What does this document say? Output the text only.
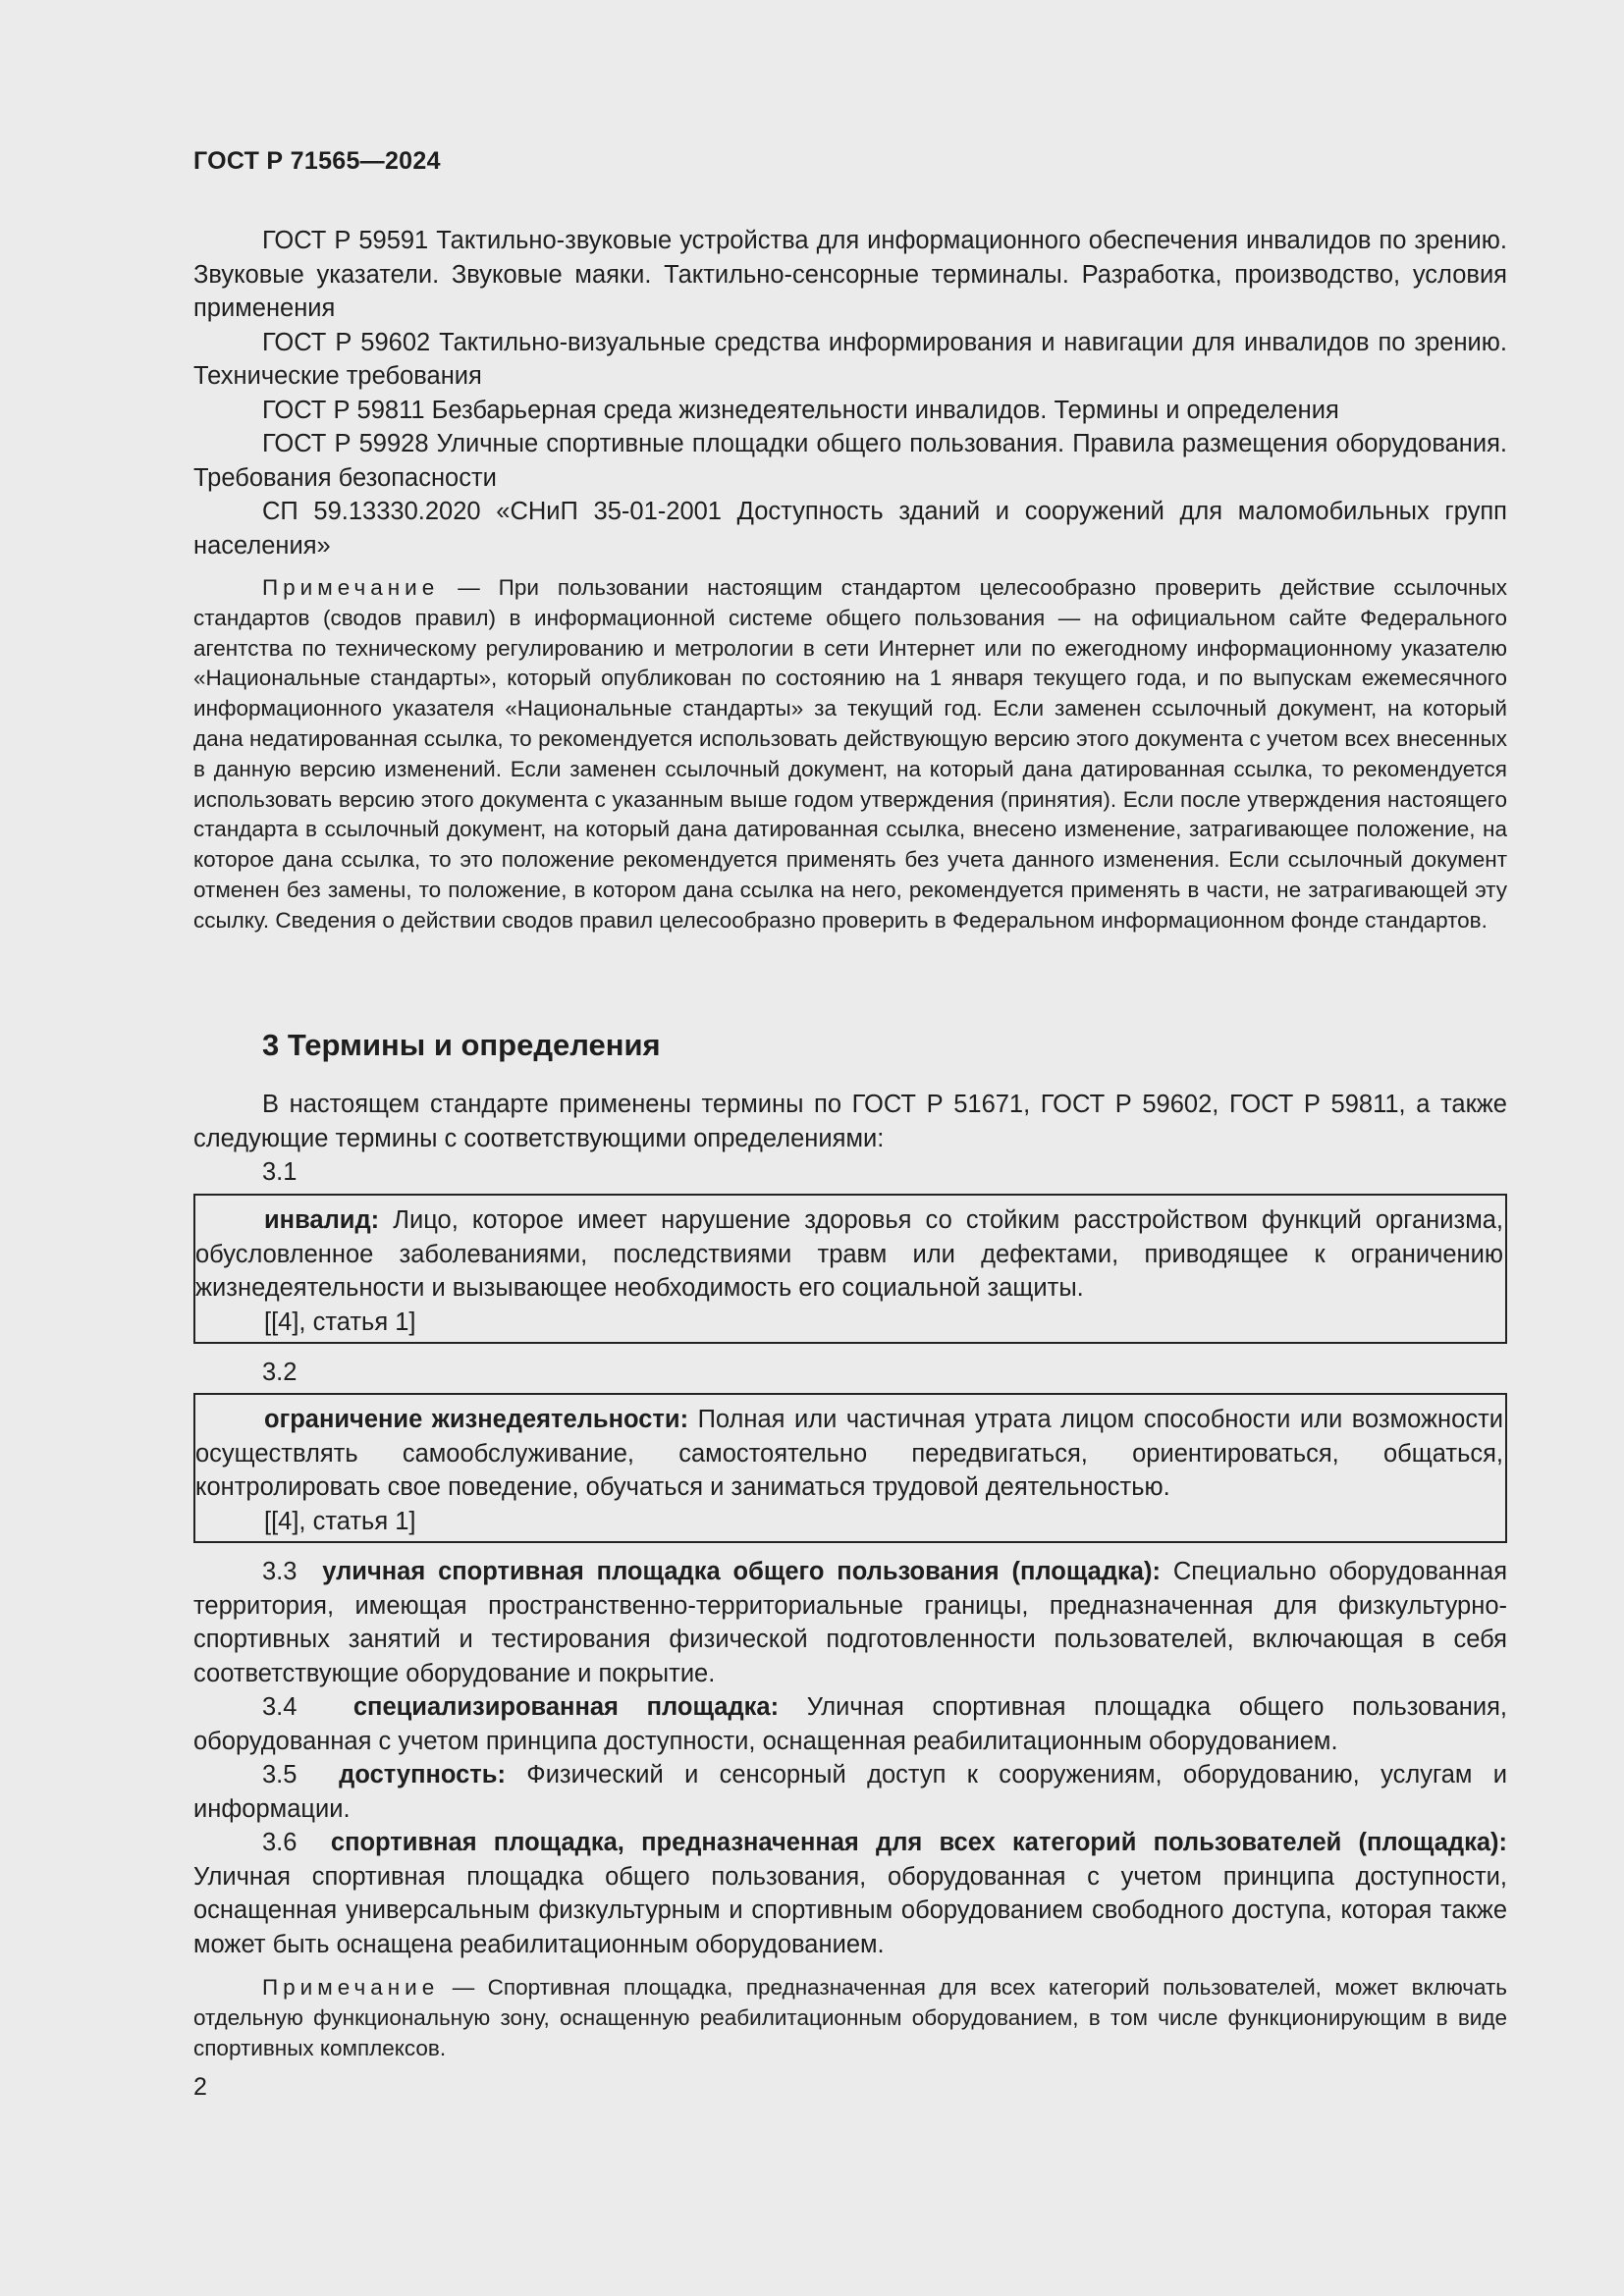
ГОСТ Р 71565—2024

ГОСТ Р 59591 Тактильно-звуковые устройства для информационного обеспечения инвалидов по зрению. Звуковые указатели. Звуковые маяки. Тактильно-сенсорные терминалы. Разработка, производство, условия применения

ГОСТ Р 59602 Тактильно-визуальные средства информирования и навигации для инвалидов по зрению. Технические требования

ГОСТ Р 59811 Безбарьерная среда жизнедеятельности инвалидов. Термины и определения

ГОСТ Р 59928 Уличные спортивные площадки общего пользования. Правила размещения оборудования. Требования безопасности

СП 59.13330.2020 «СНиП 35-01-2001 Доступность зданий и сооружений для маломобильных групп населения»

Примечание — При пользовании настоящим стандартом целесообразно проверить действие ссылочных стандартов (сводов правил) в информационной системе общего пользования — на официальном сайте Федерального агентства по техническому регулированию и метрологии в сети Интернет или по ежегодному информационному указателю «Национальные стандарты», который опубликован по состоянию на 1 января текущего года, и по выпускам ежемесячного информационного указателя «Национальные стандарты» за текущий год. Если заменен ссылочный документ, на который дана недатированная ссылка, то рекомендуется использовать действующую версию этого документа с учетом всех внесенных в данную версию изменений. Если заменен ссылочный документ, на который дана датированная ссылка, то рекомендуется использовать версию этого документа с указанным выше годом утверждения (принятия). Если после утверждения настоящего стандарта в ссылочный документ, на который дана датированная ссылка, внесено изменение, затрагивающее положение, на которое дана ссылка, то это положение рекомендуется применять без учета данного изменения. Если ссылочный документ отменен без замены, то положение, в котором дана ссылка на него, рекомендуется применять в части, не затрагивающей эту ссылку. Сведения о действии сводов правил целесообразно проверить в Федеральном информационном фонде стандартов.

3 Термины и определения

В настоящем стандарте применены термины по ГОСТ Р 51671, ГОСТ Р 59602, ГОСТ Р 59811, а также следующие термины с соответствующими определениями:

3.1

инвалид: Лицо, которое имеет нарушение здоровья со стойким расстройством функций организма, обусловленное заболеваниями, последствиями травм или дефектами, приводящее к ограничению жизнедеятельности и вызывающее необходимость его социальной защиты.

[[4], статья 1]

3.2

ограничение жизнедеятельности: Полная или частичная утрата лицом способности или возможности осуществлять самообслуживание, самостоятельно передвигаться, ориентироваться, общаться, контролировать свое поведение, обучаться и заниматься трудовой деятельностью.

[[4], статья 1]

3.3 уличная спортивная площадка общего пользования (площадка): Специально оборудованная территория, имеющая пространственно-территориальные границы, предназначенная для физкультурно-спортивных занятий и тестирования физической подготовленности пользователей, включающая в себя соответствующие оборудование и покрытие.

3.4 специализированная площадка: Уличная спортивная площадка общего пользования, оборудованная с учетом принципа доступности, оснащенная реабилитационным оборудованием.

3.5 доступность: Физический и сенсорный доступ к сооружениям, оборудованию, услугам и информации.

3.6 спортивная площадка, предназначенная для всех категорий пользователей (площадка): Уличная спортивная площадка общего пользования, оборудованная с учетом принципа доступности, оснащенная универсальным физкультурным и спортивным оборудованием свободного доступа, которая также может быть оснащена реабилитационным оборудованием.

Примечание — Спортивная площадка, предназначенная для всех категорий пользователей, может включать отдельную функциональную зону, оснащенную реабилитационным оборудованием, в том числе функционирующим в виде спортивных комплексов.

2
